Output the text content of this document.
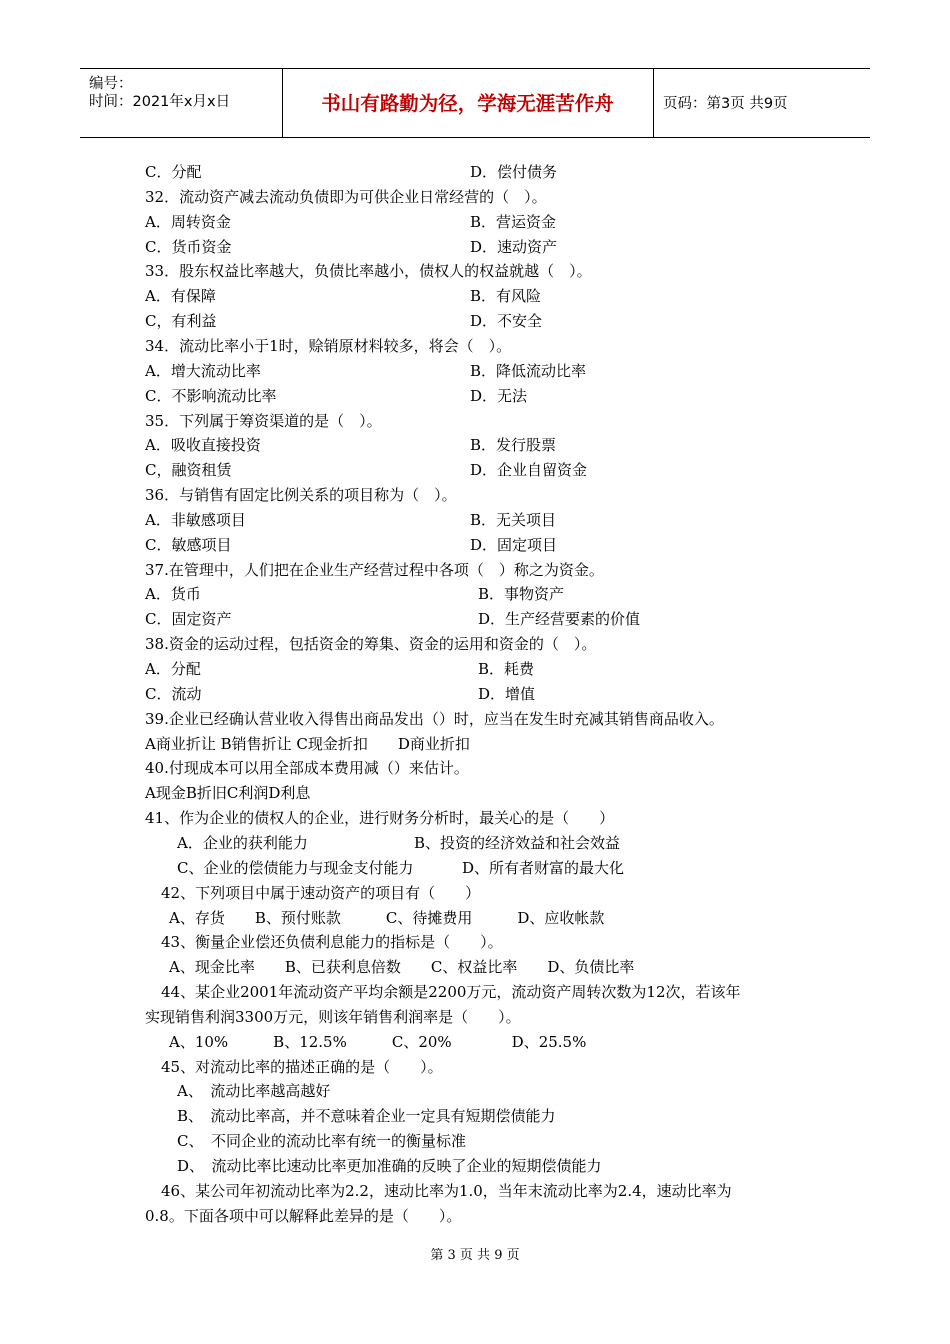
编号：
时间：2021年x月x日	书山有路勤为径，学海无涯苦作舟	页码：第3页 共9页
C．分配	D．偿付债务
32．流动资产减去流动负债即为可供企业日常经营的（　）。
A．周转资金	B．营运资金
C．货币资金	D．速动资产
33．股东权益比率越大，负债比率越小，债权人的权益就越（　）。
A．有保障	B．有风险
C，有利益	D．不安全
34．流动比率小于1时，赊销原材料较多，将会（　）。
A．增大流动比率	B．降低流动比率
C．不影响流动比率	D．无法
35．下列属于筹资渠道的是（　）。
A．吸收直接投资	B．发行股票
C，融资租赁	D．企业自留资金
36．与销售有固定比例关系的项目称为（　）。
A．非敏感项目	B．无关项目
C．敏感项目	D．固定项目
37.在管理中，人们把在企业生产经营过程中各项（　）称之为资金。
A．货币	B．事物资产
C．固定资产	D．生产经营要素的价值
38.资金的运动过程，包括资金的筹集、资金的运用和资金的（　）。
A．分配	B．耗费
C．流动	D．增值
39.企业已经确认营业收入得售出商品发出（）时，应当在发生时充减其销售商品收入。
A商业折让 B销售折让 C现金折扣　　D商业折扣
40.付现成本可以用全部成本费用减（）来估计。
A现金B折旧C利润D利息
41、作为企业的债权人的企业，进行财务分析时，最关心的是（　　）
A．企业的获利能力	B、投资的经济效益和社会效益
C、企业的偿债能力与现金支付能力	D、所有者财富的最大化
42、下列项目中属于速动资产的项目有（　　）
A、存货　　B、预付账款　　　C、待摊费用　　　D、应收帐款
43、衡量企业偿还负债利息能力的指标是（　　）。
A、现金比率　　B、已获利息倍数　　C、权益比率　　D、负债比率
44、某企业2001年流动资产平均余额是2200万元，流动资产周转次数为12次，若该年
实现销售利润3300万元，则该年销售利润率是（　　）。
A、10%　　　B、12.5%　　　C、20%　　　　D、25.5%
45、对流动比率的描述正确的是（　　）。
A、　流动比率越高越好
B、　流动比率高，并不意味着企业一定具有短期偿债能力
C、　不同企业的流动比率有统一的衡量标准
D、　流动比率比速动比率更加准确的反映了企业的短期偿债能力
46、某公司年初流动比率为2.2，速动比率为1.0，当年末流动比率为2.4，速动比率为
0.8。下面各项中可以解释此差异的是（　　）。
第 3 页 共 9 页
